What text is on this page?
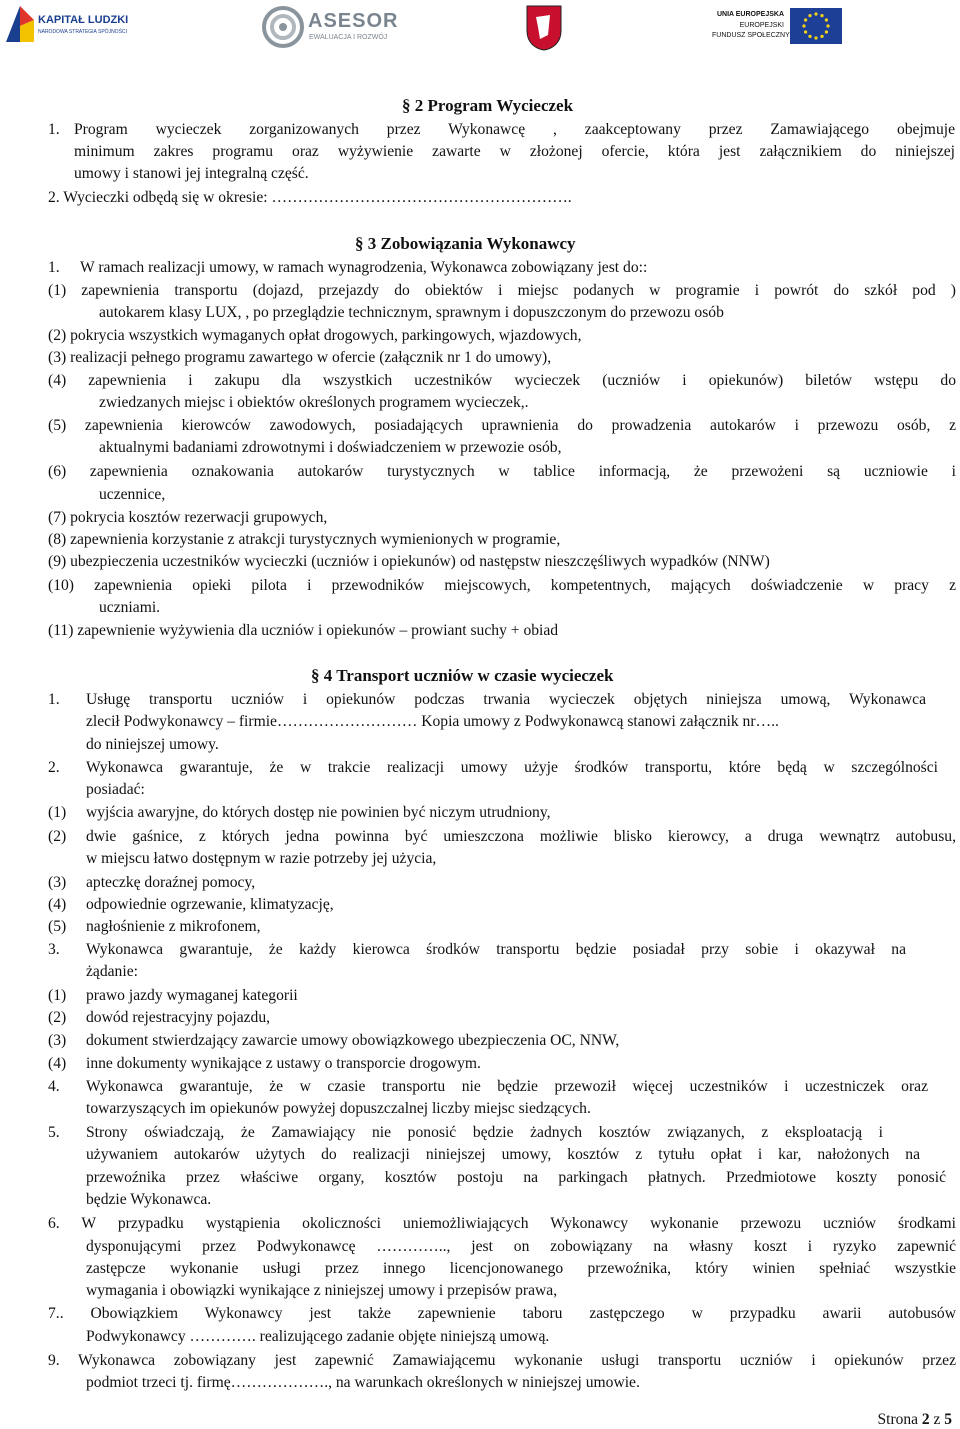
KAPITAŁ LUDZKI
NARODOWA STRATEGIA SPÓJNOŚCI	ASESOR
EWALUACJA I ROZWÓJ
UNIA EUROPEJSKA
EUROPEJSKI
FUNDUSZ SPOŁECZNY
§ 2 Program Wycieczek
1. Program wycieczek zorganizowanych przez Wykonawcę , zaakceptowany przez Zamawiającego obejmuje
minimum zakres programu oraz wyżywienie zawarte w złożonej ofercie, która jest załącznikiem do niniejszej
umowy i stanowi jej integralną część.
2. Wycieczki odbędą się w okresie: ………………………………………………….
§ 3 Zobowiązania Wykonawcy
1. W ramach realizacji umowy, w ramach wynagrodzenia, Wykonawca zobowiązany jest do::
(1) zapewnienia transportu (dojazd, przejazdy do obiektów i miejsc podanych w programie i powrót do szkół pod )
autokarem klasy LUX, , po przeglądzie technicznym, sprawnym i dopuszczonym do przewozu osób
(2) pokrycia wszystkich wymaganych opłat drogowych, parkingowych, wjazdowych,
(3) realizacji pełnego programu zawartego w ofercie (załącznik nr 1 do umowy),
(4) zapewnienia i zakupu dla wszystkich uczestników wycieczek (uczniów i opiekunów) biletów wstępu do
zwiedzanych miejsc i obiektów określonych programem wycieczek,.
(5) zapewnienia kierowców zawodowych, posiadających uprawnienia do prowadzenia autokarów i przewozu osób, z
aktualnymi badaniami zdrowotnymi i doświadczeniem w przewozie osób,
(6) zapewnienia oznakowania autokarów turystycznych w tablice informacją, że przewożeni są uczniowie i
uczennice,
(7) pokrycia kosztów rezerwacji grupowych,
(8) zapewnienia korzystanie z atrakcji turystycznych wymienionych w programie,
(9) ubezpieczenia uczestników wycieczki (uczniów i opiekunów) od następstw nieszczęśliwych wypadków (NNW)
(10) zapewnienia opieki pilota i przewodników miejscowych, kompetentnych, mających doświadczenie w pracy z
uczniami.
(11) zapewnienie wyżywienia dla uczniów i opiekunów – prowiant suchy + obiad
§ 4 Transport uczniów w czasie wycieczek
1. Usługę transportu uczniów i opiekunów podczas trwania wycieczek objętych niniejsza umową, Wykonawca
zlecił Podwykonawcy – firmie……………………… Kopia umowy z Podwykonawcą stanowi załącznik nr…..
do niniejszej umowy.
2. Wykonawca gwarantuje, że w trakcie realizacji umowy użyje środków transportu, które będą w szczególności
posiadać:
(1) wyjścia awaryjne, do których dostęp nie powinien być niczym utrudniony,
(2) dwie gaśnice, z których jedna powinna być umieszczona możliwie blisko kierowcy, a druga wewnątrz autobusu,
w miejscu łatwo dostępnym w razie potrzeby jej użycia,
(3) apteczkę doraźnej pomocy,
(4) odpowiednie ogrzewanie, klimatyzację,
(5) nagłośnienie z mikrofonem,
3. Wykonawca gwarantuje, że każdy kierowca środków transportu będzie posiadał przy sobie i okazywał na
żądanie:
(1) prawo jazdy wymaganej kategorii
(2) dowód rejestracyjny pojazdu,
(3) dokument stwierdzający zawarcie umowy obowiązkowego ubezpieczenia OC, NNW,
(4) inne dokumenty wynikające z ustawy o transporcie drogowym.
4. Wykonawca gwarantuje, że w czasie transportu nie będzie przewoził więcej uczestników i uczestniczek oraz
towarzyszących im opiekunów powyżej dopuszczalnej liczby miejsc siedzących.
5. Strony oświadczają, że Zamawiający nie ponosić będzie żadnych kosztów związanych, z eksploatacją i
używaniem autokarów użytych do realizacji niniejszej umowy, kosztów z tytułu opłat i kar, nałożonych na
przewoźnika przez właściwe organy, kosztów postoju na parkingach płatnych. Przedmiotowe koszty ponosić
będzie Wykonawca.
6. W przypadku wystąpienia okoliczności uniemożliwiających Wykonawcy wykonanie przewozu uczniów środkami
dysponującymi przez Podwykonawcę ………….., jest on zobowiązany na własny koszt i ryzyko zapewnić
zastępcze wykonanie usługi przez innego licencjonowanego przewoźnika, który winien spełniać wszystkie
wymagania i obowiązki wynikające z niniejszej umowy i przepisów prawa,
7.. Obowiązkiem Wykonawcy jest także zapewnienie taboru zastępczego w przypadku awarii autobusów
Podwykonawcy …………. realizującego zadanie objęte niniejszą umową.
9. Wykonawca zobowiązany jest zapewnić Zamawiającemu wykonanie usługi transportu uczniów i opiekunów przez
podmiot trzeci tj. firmę………………., na warunkach określonych w niniejszej umowie.
Strona 2 z 5
